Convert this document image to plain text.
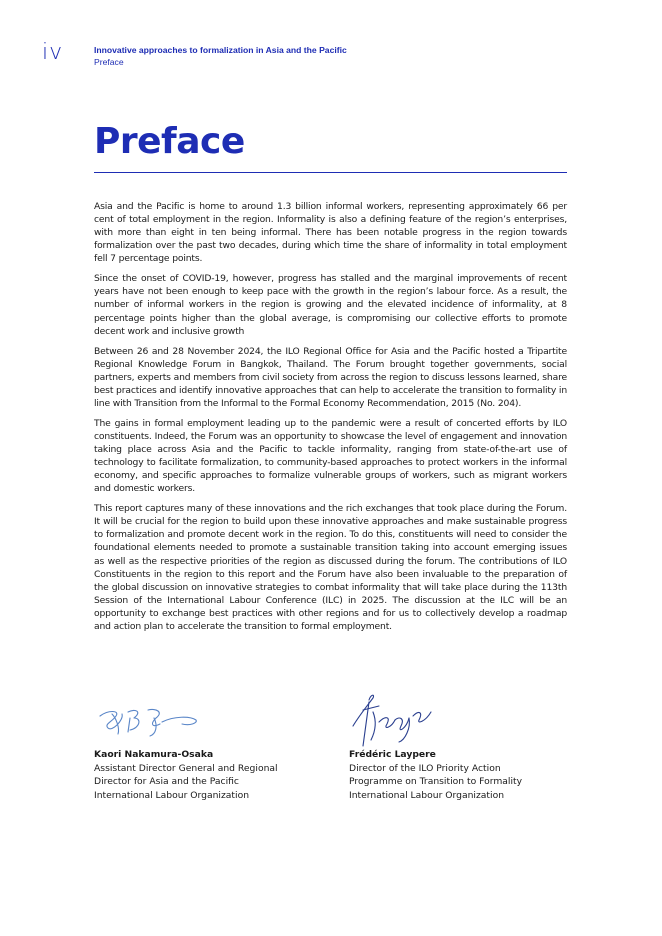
iv	Innovative approaches to formalization in Asia and the Pacific
Preface
Preface

Asia and the Pacific is home to around 1.3 billion informal workers, representing approximately 66 per cent of total employment in the region. Informality is also a defining feature of the region’s enterprises, with more than eight in ten being informal. There has been notable progress in the region towards formalization over the past two decades, during which time the share of informality in total employment fell 7 percentage points.

Since the onset of COVID-19, however, progress has stalled and the marginal improvements of recent years have not been enough to keep pace with the growth in the region’s labour force. As a result, the number of informal workers in the region is growing and the elevated incidence of informality, at 8 percentage points higher than the global average, is compromising our collective efforts to promote decent work and inclusive growth

Between 26 and 28 November 2024, the ILO Regional Office for Asia and the Pacific hosted a Tripartite Regional Knowledge Forum in Bangkok, Thailand. The Forum brought together governments, social partners, experts and members from civil society from across the region to discuss lessons learned, share best practices and identify innovative approaches that can help to accelerate the transition to formality in line with Transition from the Informal to the Formal Economy Recommendation, 2015 (No. 204).

The gains in formal employment leading up to the pandemic were a result of concerted efforts by ILO constituents. Indeed, the Forum was an opportunity to showcase the level of engagement and innovation taking place across Asia and the Pacific to tackle informality, ranging from state-of-the-art use of technology to facilitate formalization, to community-based approaches to protect workers in the informal economy, and specific approaches to formalize vulnerable groups of workers, such as migrant workers and domestic workers.

This report captures many of these innovations and the rich exchanges that took place during the Forum. It will be crucial for the region to build upon these innovative approaches and make sustainable progress to formalization and promote decent work in the region. To do this, constituents will need to consider the foundational elements needed to promote a sustainable transition taking into account emerging issues as well as the respective priorities of the region as discussed during the forum. The contributions of ILO Constituents in the region to this report and the Forum have also been invaluable to the preparation of the global discussion on innovative strategies to combat informality that will take place during the 113th Session of the International Labour Conference (ILC) in 2025. The discussion at the ILC will be an opportunity to exchange best practices with other regions and for us to collectively develop a roadmap and action plan to accelerate the transition to formal employment.

Kaori Nakamura-Osaka
Assistant Director General and Regional
Director for Asia and the Pacific
International Labour Organization
Frédéric Laypere
Director of the ILO Priority Action
Programme on Transition to Formality
International Labour Organization
